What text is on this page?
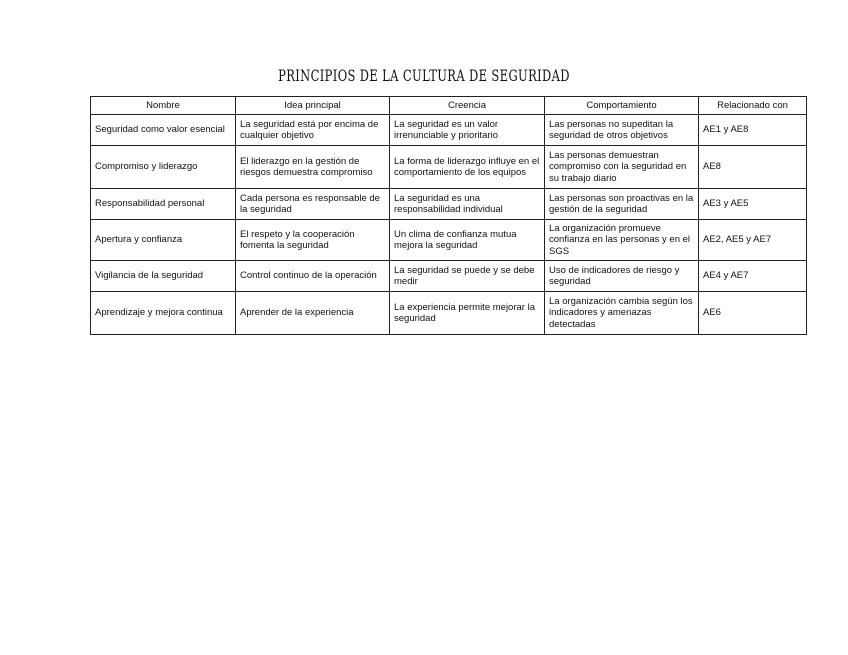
PRINCIPIOS DE LA CULTURA DE SEGURIDAD
Nombre	Idea principal	Creencia	Comportamiento	Relacionado con
Seguridad como valor esencial	La seguridad está por encima de cualquier objetivo	La seguridad es un valor irrenunciable y prioritario	Las personas no supeditan la seguridad de otros objetivos	AE1 y AE8
Compromiso y liderazgo	El liderazgo en la gestión de riesgos demuestra compromiso	La forma de liderazgo influye en el comportamiento de los equipos	Las personas demuestran compromiso con la seguridad en su trabajo diario	AE8
Responsabilidad personal	Cada persona es responsable de la seguridad	La seguridad es una responsabilidad individual	Las personas son proactivas en la gestión de la seguridad	AE3 y AE5
Apertura y confianza	El respeto y la cooperación fomenta la seguridad	Un clima de confianza mutua mejora la seguridad	La organización promueve confianza en las personas y en el SGS	AE2, AE5 y AE7
Vigilancia de la seguridad	Control continuo de la operación	La seguridad se puede y se debe medir	Uso de indicadores de riesgo y seguridad	AE4 y AE7
Aprendizaje y mejora continua	Aprender de la experiencia	La experiencia permite mejorar la seguridad	La organización cambia según los indicadores y amenazas detectadas	AE6
